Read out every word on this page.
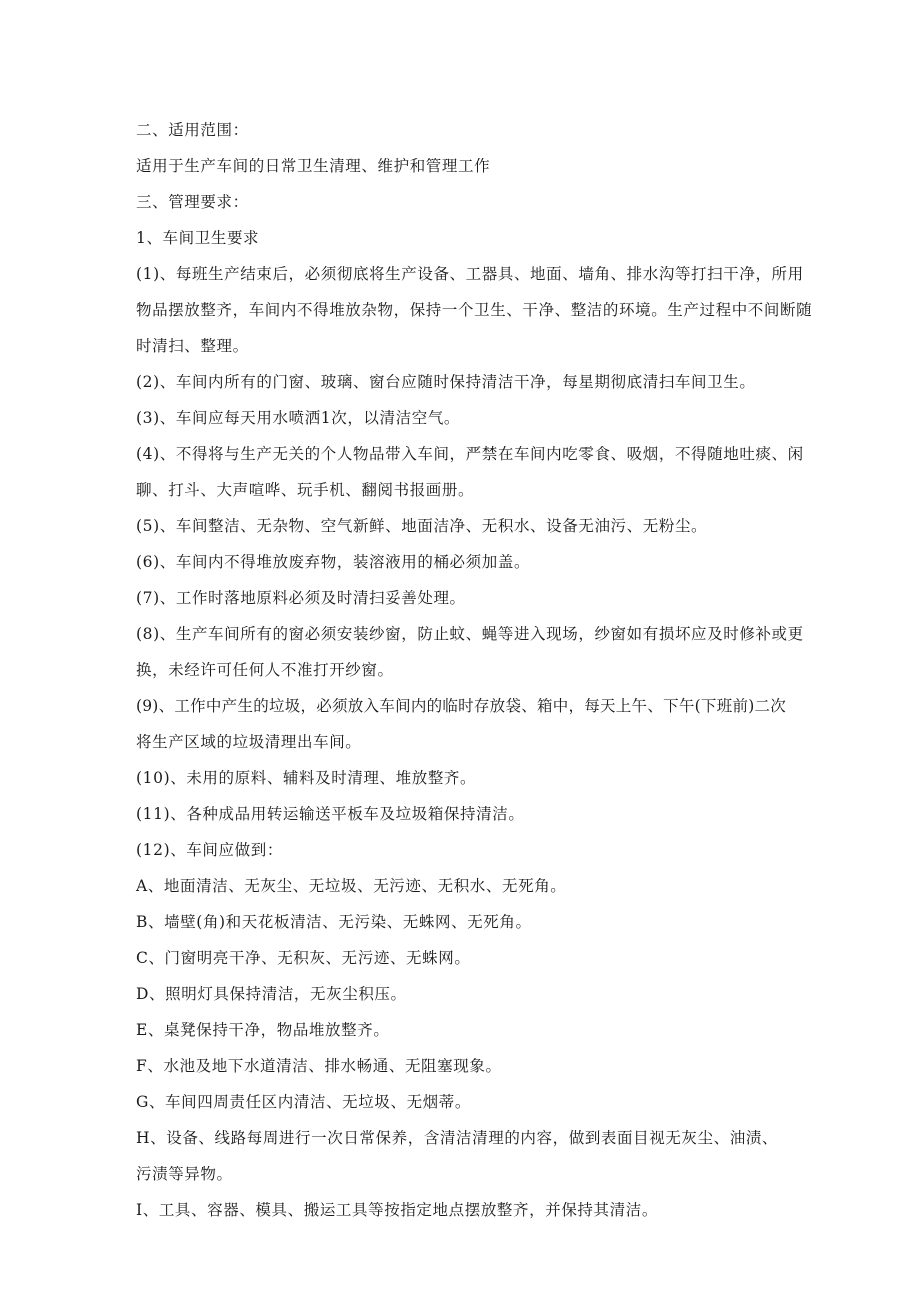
二、适用范围：
适用于生产车间的日常卫生清理、维护和管理工作
三、管理要求：
1、车间卫生要求
(1)、每班生产结束后，必须彻底将生产设备、工器具、地面、墙角、排水沟等打扫干净，所用
物品摆放整齐，车间内不得堆放杂物，保持一个卫生、干净、整洁的环境。生产过程中不间断随
时清扫、整理。
(2)、车间内所有的门窗、玻璃、窗台应随时保持清洁干净，每星期彻底清扫车间卫生。
(3)、车间应每天用水喷洒1次，以清洁空气。
(4)、不得将与生产无关的个人物品带入车间，严禁在车间内吃零食、吸烟，不得随地吐痰、闲
聊、打斗、大声喧哗、玩手机、翻阅书报画册。
(5)、车间整洁、无杂物、空气新鲜、地面洁净、无积水、设备无油污、无粉尘。
(6)、车间内不得堆放废弃物，装溶液用的桶必须加盖。
(7)、工作时落地原料必须及时清扫妥善处理。
(8)、生产车间所有的窗必须安装纱窗，防止蚊、蝇等进入现场，纱窗如有损坏应及时修补或更
换，未经许可任何人不准打开纱窗。
(9)、工作中产生的垃圾，必须放入车间内的临时存放袋、箱中，每天上午、下午(下班前)二次
将生产区域的垃圾清理出车间。
(10)、未用的原料、辅料及时清理、堆放整齐。
(11)、各种成品用转运输送平板车及垃圾箱保持清洁。
(12)、车间应做到：
A、地面清洁、无灰尘、无垃圾、无污迹、无积水、无死角。
B、墙壁(角)和天花板清洁、无污染、无蛛网、无死角。
C、门窗明亮干净、无积灰、无污迹、无蛛网。
D、照明灯具保持清洁，无灰尘积压。
E、桌凳保持干净，物品堆放整齐。
F、水池及地下水道清洁、排水畅通、无阻塞现象。
G、车间四周责任区内清洁、无垃圾、无烟蒂。
H、设备、线路每周进行一次日常保养，含清洁清理的内容，做到表面目视无灰尘、油渍、
污渍等异物。
I、工具、容器、模具、搬运工具等按指定地点摆放整齐，并保持其清洁。
